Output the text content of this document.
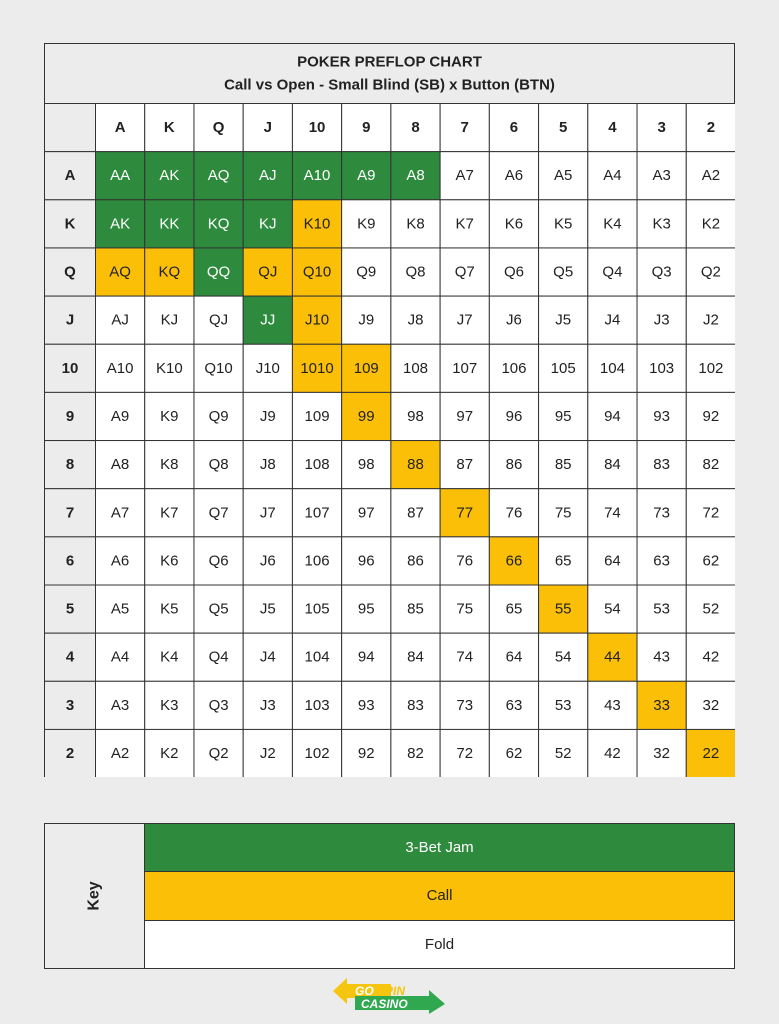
POKER PREFLOP CHART
Call vs Open - Small Blind (SB) x Button (BTN)
A	K	Q	J 10 9	8	7	6	5	4	3	2
A AA AK AQ AJ A10 A9 A8 A7 A6 A5 A4 A3 A2
K AK KK KQ KJ K10 K9 K8 K7 K6 K5 K4 K3 K2
Q AQ KQ QQ QJ Q10 Q9 Q8 Q7 Q6 Q5 Q4 Q3 Q2
J AJ KJ QJ JJ J10 J9 J8 J7 J6 J5 J4 J3 J2
10 A10 K10 Q10 J10 1010 109 108 107 106 105 104 103 102
9 A9 K9 Q9 J9 109 99 98 97 96 95 94 93 92
8 A8 K8 Q8 J8 108 98 88 87 86 85 84 83 82
7 A7 K7 Q7 J7 107 97 87 77 76 75 74 73 72
6 A6 K6 Q6 J6 106 96 86 76 66 65 64 63 62
5 A5 K5 Q5 J5 105 95 85 75 65 55 54 53 52
4 A4 K4 Q4 J4 104 94 84 74 64 54 44 43 42
3 A3 K3 Q3 J3 103 93 83 73 63 53 43 33 32
2 A2 K2 Q2 J2 102 92 82 72 62 52 42 32 22
Key
3-Bet Jam
Call
Fold
GO SPIN
CASINO
